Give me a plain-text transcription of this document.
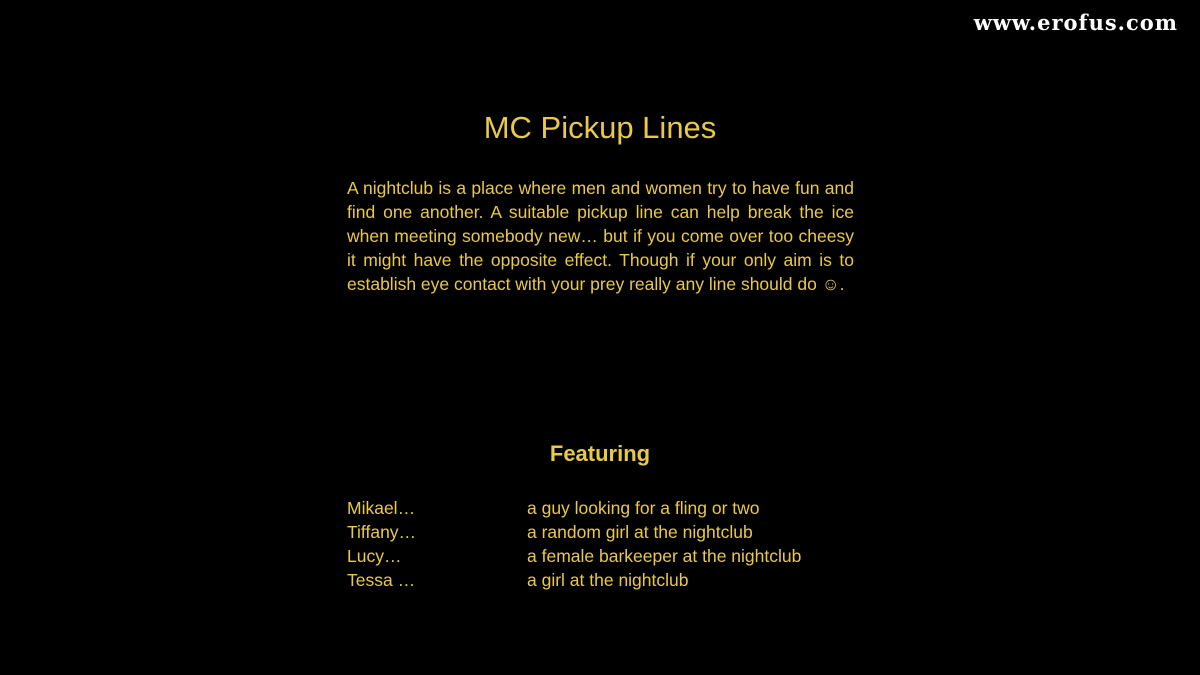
www.erofus.com
MC Pickup Lines

A nightclub is a place where men and women try to have fun and find one another. A suitable pickup line can help break the ice when meeting somebody new… but if you come over too cheesy it might have the opposite effect. Though if your only aim is to establish eye contact with your prey really any line should do ☺.

Featuring
Mikael…	a guy looking for a fling or two
Tiffany…	a random girl at the nightclub
Lucy…	a female barkeeper at the nightclub
Tessa …	a girl at the nightclub
